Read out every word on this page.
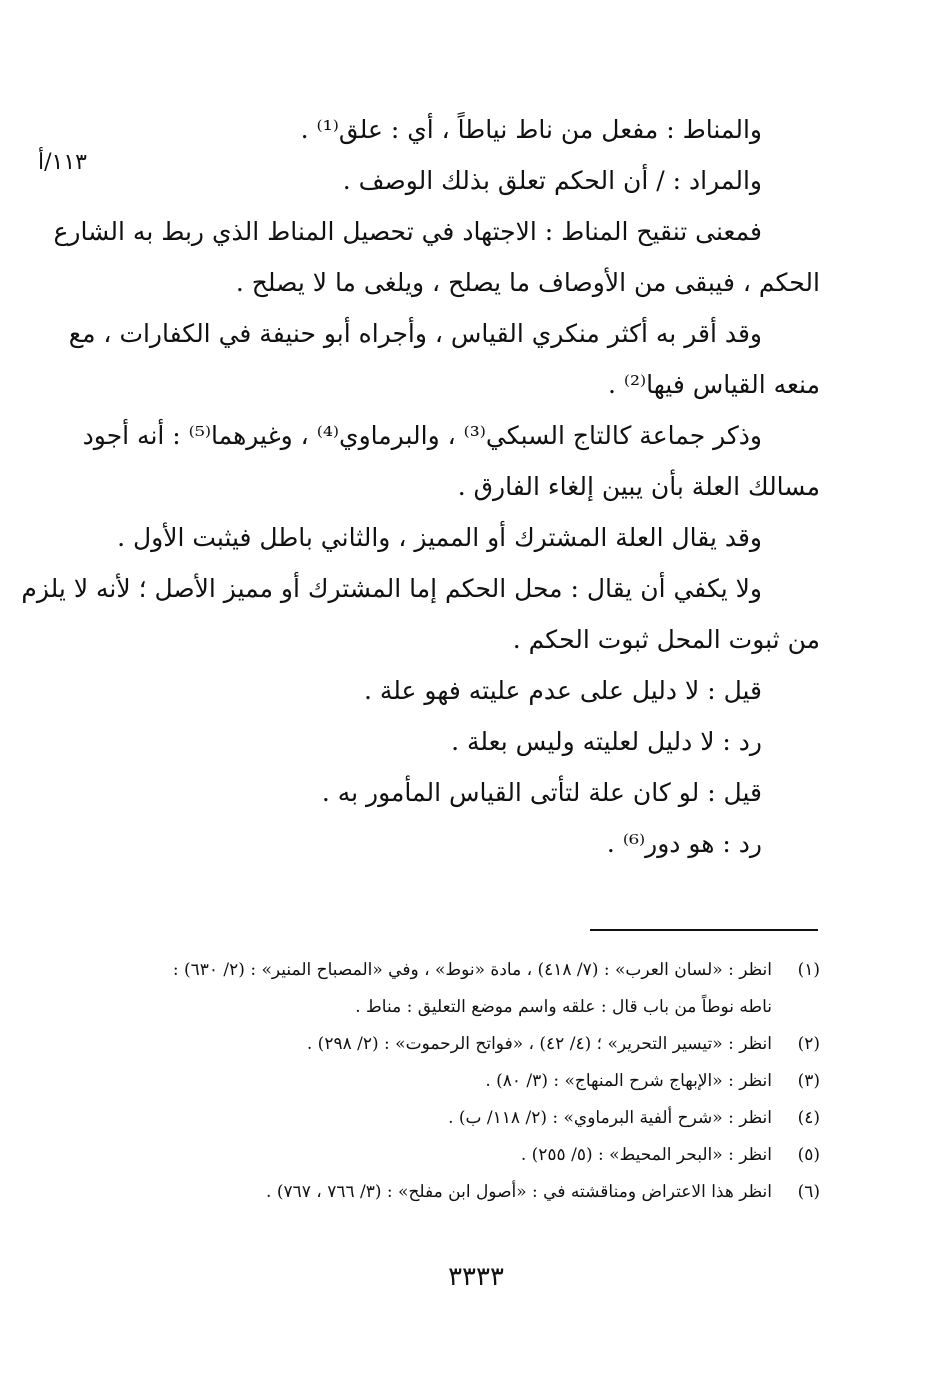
١١٣/أ
والمناط : مفعل من ناط نياطاً ، أي : علق⁽¹⁾ .
والمراد : / أن الحكم تعلق بذلك الوصف .
فمعنى تنقيح المناط : الاجتهاد في تحصيل المناط الذي ربط به الشارع
الحكم ، فيبقى من الأوصاف ما يصلح ، ويلغى ما لا يصلح .
وقد أقر به أكثر منكري القياس ، وأجراه أبو حنيفة في الكفارات ، مع
منعه القياس فيها⁽²⁾ .
وذكر جماعة كالتاج السبكي⁽³⁾ ، والبرماوي⁽⁴⁾ ، وغيرهما⁽⁵⁾ : أنه أجود
مسالك العلة بأن يبين إلغاء الفارق .
وقد يقال العلة المشترك أو المميز ، والثاني باطل فيثبت الأول .
ولا يكفي أن يقال : محل الحكم إما المشترك أو مميز الأصل ؛ لأنه لا يلزم
من ثبوت المحل ثبوت الحكم .
قيل : لا دليل على عدم عليته فهو علة .
رد : لا دليل لعليته وليس بعلة .
قيل : لو كان علة لتأتى القياس المأمور به .
رد : هو دور⁽⁶⁾ .
(١)
انظر : «لسان العرب» : (٧/ ٤١٨) ، مادة «نوط» ، وفي «المصباح المنير» : (٢/ ٦٣٠) :
ناطه نوطاً من باب قال : علقه واسم موضع التعليق : مناط .
(٢)
انظر : «تيسير التحرير» ؛ (٤/ ٤٢) ، «فواتح الرحموت» : (٢/ ٢٩٨) .
(٣)
انظر : «الإبهاج شرح المنهاج» : (٣/ ٨٠) .
(٤)
انظر : «شرح ألفية البرماوي» : (٢/ ١١٨/ ب) .
(٥)
انظر : «البحر المحيط» : (٥/ ٢٥٥) .
(٦)
انظر هذا الاعتراض ومناقشته في : «أصول ابن مفلح» : (٣/ ٧٦٦ ، ٧٦٧) .
٣٣٣٣
